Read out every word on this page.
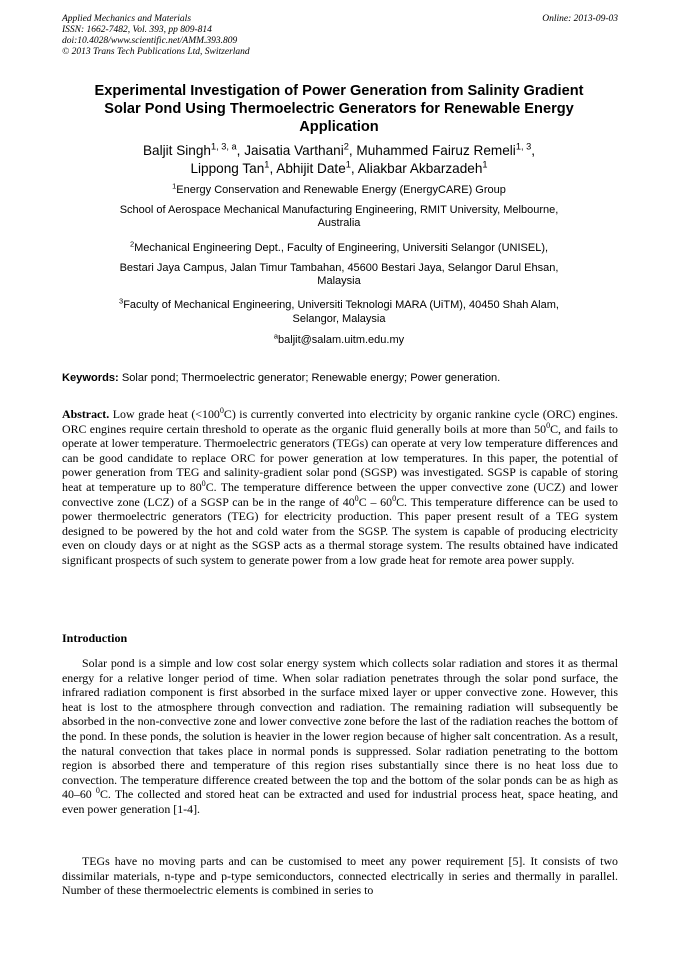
Applied Mechanics and Materials
ISSN: 1662-7482, Vol. 393, pp 809-814
doi:10.4028/www.scientific.net/AMM.393.809
© 2013 Trans Tech Publications Ltd, Switzerland
Online: 2013-09-03
Experimental Investigation of Power Generation from Salinity Gradient
Solar Pond Using Thermoelectric Generators for Renewable Energy
Application
Baljit Singh$^{1, 3, a}$, Jaisatia Varthani$^2$, Muhammed Fairuz Remeli$^{1, 3}$,
Lippong Tan$^1$, Abhijit Date$^1$, Aliakbar Akbarzadeh$^1$
$^1$Energy Conservation and Renewable Energy (EnergyCARE) Group
School of Aerospace Mechanical Manufacturing Engineering, RMIT University, Melbourne,
Australia
$^2$Mechanical Engineering Dept., Faculty of Engineering, Universiti Selangor (UNISEL),
Bestari Jaya Campus, Jalan Timur Tambahan, 45600 Bestari Jaya, Selangor Darul Ehsan,
Malaysia
$^3$Faculty of Mechanical Engineering, Universiti Teknologi MARA (UiTM), 40450 Shah Alam,
Selangor, Malaysia
$^a$baljit@salam.uitm.edu.my
Keywords: Solar pond; Thermoelectric generator; Renewable energy; Power generation.
Abstract. Low grade heat $(<100^0C)$ is currently converted into electricity by organic rankine cycle (ORC) engines. ORC engines require certain threshold to operate as the organic fluid generally boils at more than $50^0C$, and fails to operate at lower temperature. Thermoelectric generators (TEGs) can operate at very low temperature differences and can be good candidate to replace ORC for power generation at low temperatures. In this paper, the potential of power generation from TEG and salinity-gradient solar pond (SGSP) was investigated. SGSP is capable of storing heat at temperature up to $80^0C$. The temperature difference between the upper convective zone (UCZ) and lower convective zone (LCZ) of a SGSP can be in the range of $40^0C - 60^0C$. This temperature difference can be used to power thermoelectric generators (TEG) for electricity production. This paper present result of a TEG system designed to be powered by the hot and cold water from the SGSP. The system is capable of producing electricity even on cloudy days or at night as the SGSP acts as a thermal storage system. The results obtained have indicated significant prospects of such system to generate power from a low grade heat for remote area power supply.
Introduction
Solar pond is a simple and low cost solar energy system which collects solar radiation and stores it as thermal energy for a relative longer period of time. When solar radiation penetrates through the solar pond surface, the infrared radiation component is first absorbed in the surface mixed layer or upper convective zone. However, this heat is lost to the atmosphere through convection and radiation. The remaining radiation will subsequently be absorbed in the non-convective zone and lower convective zone before the last of the radiation reaches the bottom of the pond. In these ponds, the solution is heavier in the lower region because of higher salt concentration. As a result, the natural convection that takes place in normal ponds is suppressed. Solar radiation penetrating to the bottom region is absorbed there and temperature of this region rises substantially since there is no heat loss due to convection. The temperature difference created between the top and the bottom of the solar ponds can be as high as 40–60 $^0$C. The collected and stored heat can be extracted and used for industrial process heat, space heating, and even power generation [1-4].
TEGs have no moving parts and can be customised to meet any power requirement [5]. It consists of two dissimilar materials, n-type and p-type semiconductors, connected electrically in series and thermally in parallel. Number of these thermoelectric elements is combined in series to
